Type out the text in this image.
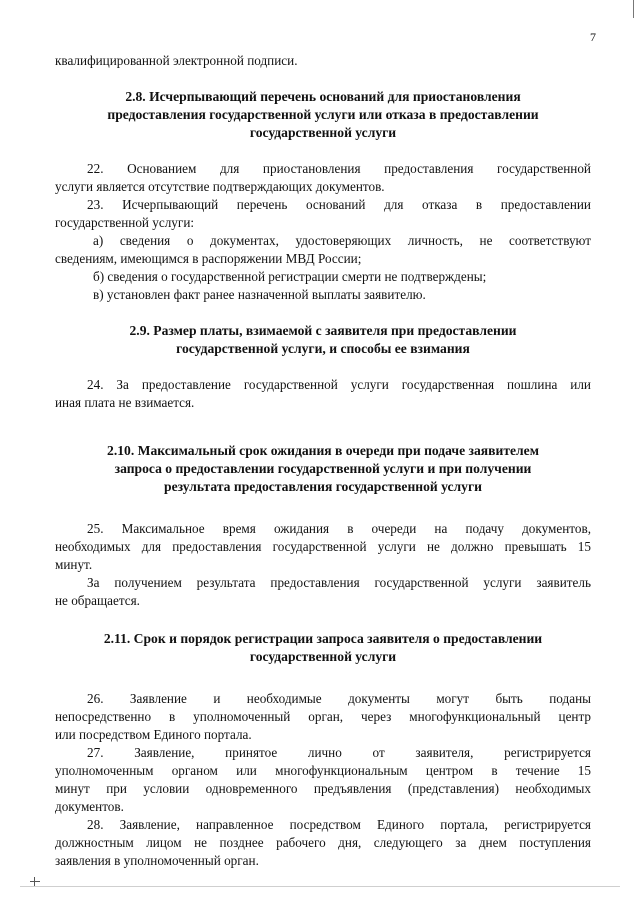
7

квалифицированной электронной подписи.

2.8. Исчерпывающий перечень оснований для приостановления

предоставления государственной услуги или отказа в предоставлении

государственной услуги

22. Основанием для приостановления предоставления государственной

услуги является отсутствие подтверждающих документов.

23. Исчерпывающий перечень оснований для отказа в предоставлении

государственной услуги:

а) сведения о документах, удостоверяющих личность, не соответствуют

сведениям, имеющимся в распоряжении МВД России;

б) сведения о государственной регистрации смерти не подтверждены;

в) установлен факт ранее назначенной выплаты заявителю.

2.9. Размер платы, взимаемой с заявителя при предоставлении

государственной услуги, и способы ее взимания

24. За предоставление государственной услуги государственная пошлина или

иная плата не взимается.

2.10. Максимальный срок ожидания в очереди при подаче заявителем

запроса о предоставлении государственной услуги и при получении

результата предоставления государственной услуги

25. Максимальное время ожидания в очереди на подачу документов,

необходимых для предоставления государственной услуги не должно превышать 15

минут.

За получением результата предоставления государственной услуги заявитель

не обращается.

2.11. Срок и порядок регистрации запроса заявителя о предоставлении

государственной услуги

26. Заявление и необходимые документы могут быть поданы

непосредственно в уполномоченный орган, через многофункциональный центр

или посредством Единого портала.

27. Заявление, принятое лично от заявителя, регистрируется

уполномоченным органом или многофункциональным центром в течение 15

минут при условии одновременного предъявления (представления) необходимых

документов.

28. Заявление, направленное посредством Единого портала, регистрируется

должностным лицом не позднее рабочего дня, следующего за днем поступления

заявления в уполномоченный орган.
